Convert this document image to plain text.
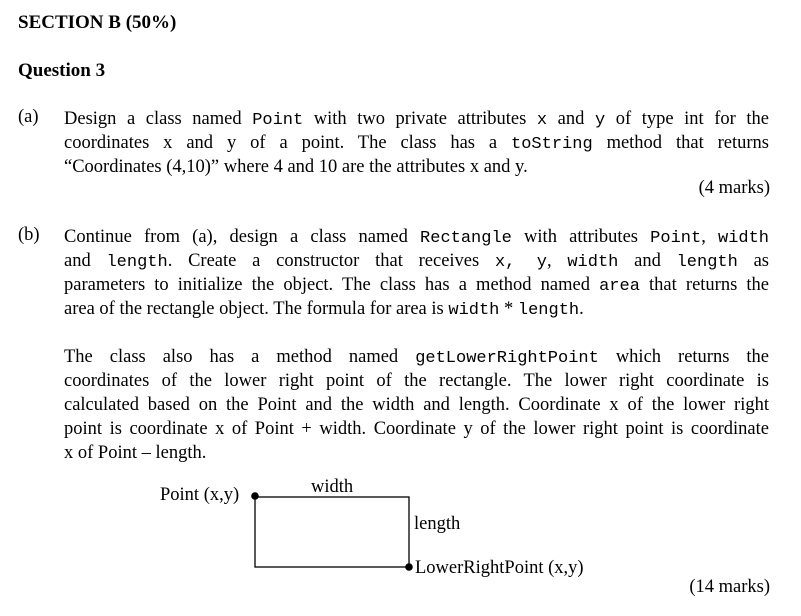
SECTION B (50%)
Question 3
(a) Design a class named Point with two private attributes x and y of type int for the
coordinates x and y of a point. The class has a toString method that returns
“Coordinates (4,10)” where 4 and 10 are the attributes x and y.
(4 marks)
(b) Continue from (a), design a class named Rectangle with attributes Point, width
and length. Create a constructor that receives x, y, width and length as
parameters to initialize the object. The class has a method named area that returns the
area of the rectangle object. The formula for area is width * length.
The class also has a method named getLowerRightPoint which returns the
coordinates of the lower right point of the rectangle. The lower right coordinate is
calculated based on the Point and the width and length. Coordinate x of the lower right
point is coordinate x of Point + width. Coordinate y of the lower right point is coordinate
x of Point – length.
Point (x,y)	width
length
LowerRightPoint (x,y)
(14 marks)
